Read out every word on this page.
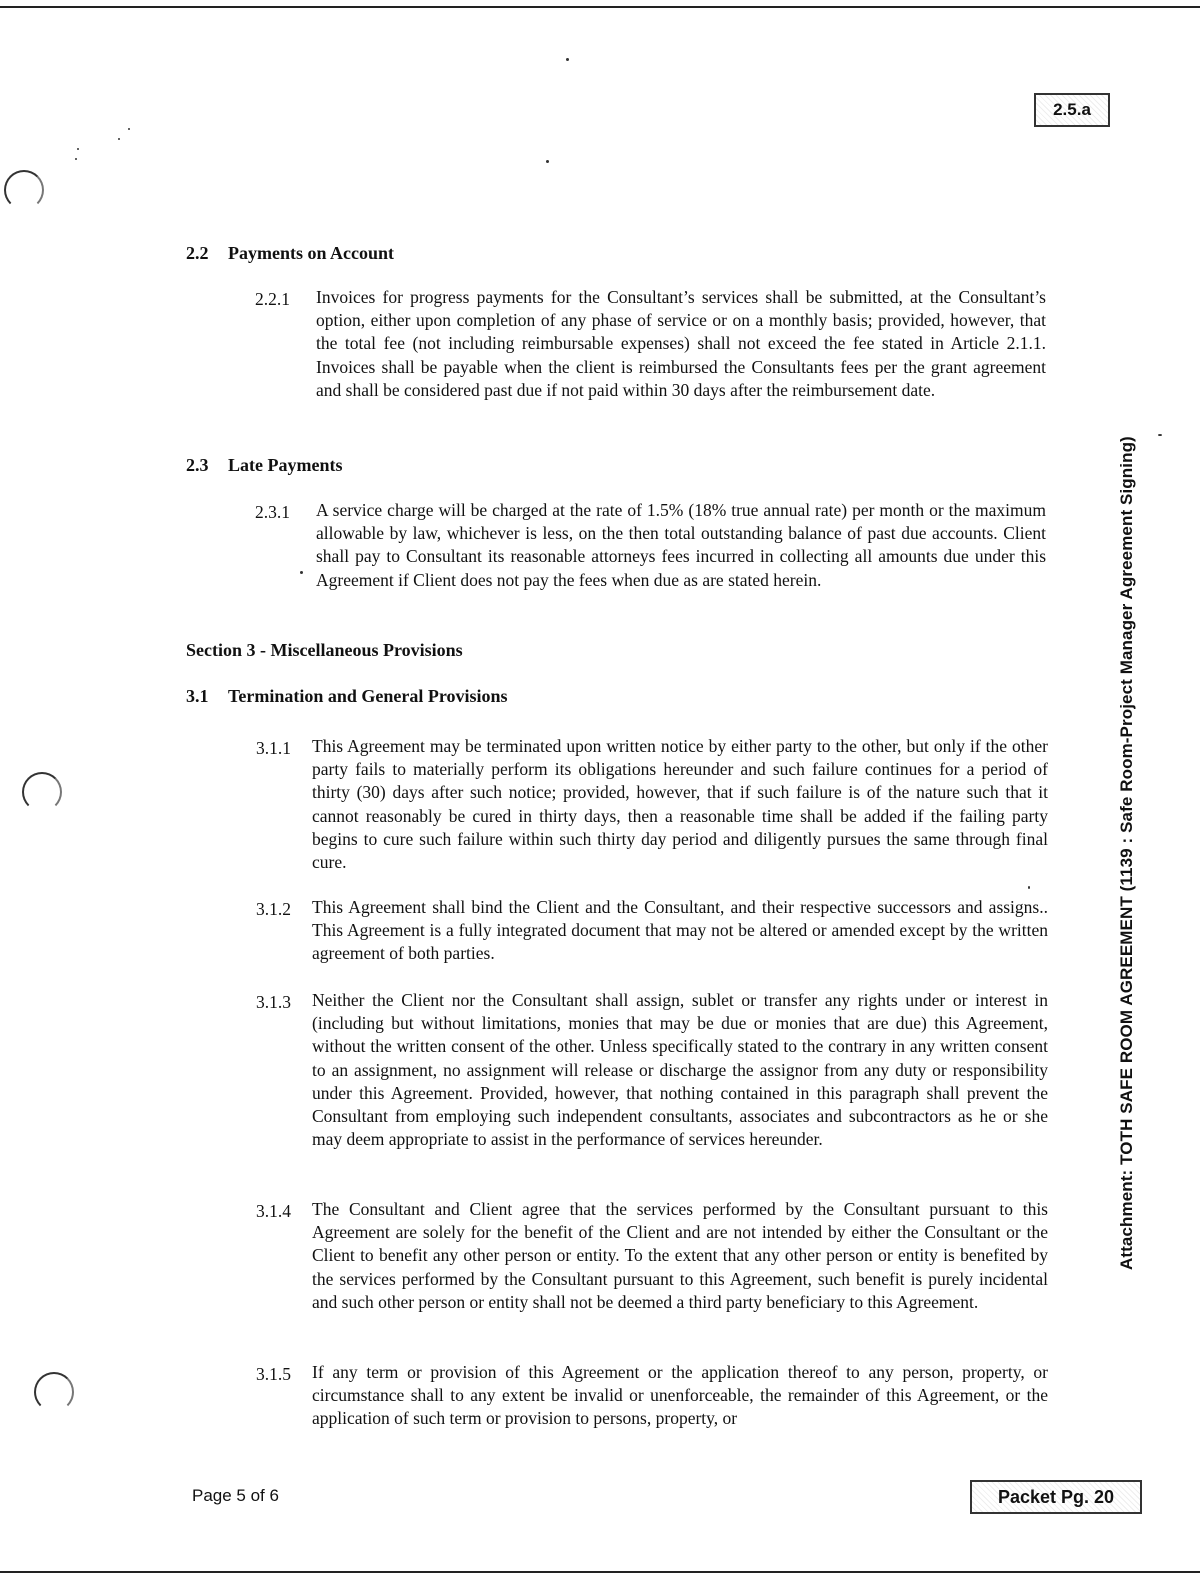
2.5.a
Attachment: TOTH SAFE ROOM AGREEMENT (1139 : Safe Room-Project Manager Agreement Signing)
2.2 Payments on Account
2.2.1 Invoices for progress payments for the Consultant’s services shall be submitted, at the Consultant’s option, either upon completion of any phase of service or on a monthly basis; provided, however, that the total fee (not including reimbursable expenses) shall not exceed the fee stated in Article 2.1.1. Invoices shall be payable when the client is reimbursed the Consultants fees per the grant agreement and shall be considered past due if not paid within 30 days after the reimbursement date.
2.3 Late Payments
2.3.1 A service charge will be charged at the rate of 1.5% (18% true annual rate) per month or the maximum allowable by law, whichever is less, on the then total outstanding balance of past due accounts. Client shall pay to Consultant its reasonable attorneys fees incurred in collecting all amounts due under this Agreement if Client does not pay the fees when due as are stated herein.
Section 3 - Miscellaneous Provisions
3.1 Termination and General Provisions
3.1.1 This Agreement may be terminated upon written notice by either party to the other, but only if the other party fails to materially perform its obligations hereunder and such failure continues for a period of thirty (30) days after such notice; provided, however, that if such failure is of the nature such that it cannot reasonably be cured in thirty days, then a reasonable time shall be added if the failing party begins to cure such failure within such thirty day period and diligently pursues the same through final cure.
3.1.2 This Agreement shall bind the Client and the Consultant, and their respective successors and assigns.. This Agreement is a fully integrated document that may not be altered or amended except by the written agreement of both parties.
3.1.3 Neither the Client nor the Consultant shall assign, sublet or transfer any rights under or interest in (including but without limitations, monies that may be due or monies that are due) this Agreement, without the written consent of the other. Unless specifically stated to the contrary in any written consent to an assignment, no assignment will release or discharge the assignor from any duty or responsibility under this Agreement. Provided, however, that nothing contained in this paragraph shall prevent the Consultant from employing such independent consultants, associates and subcontractors as he or she may deem appropriate to assist in the performance of services hereunder.
3.1.4 The Consultant and Client agree that the services performed by the Consultant pursuant to this Agreement are solely for the benefit of the Client and are not intended by either the Consultant or the Client to benefit any other person or entity. To the extent that any other person or entity is benefited by the services performed by the Consultant pursuant to this Agreement, such benefit is purely incidental and such other person or entity shall not be deemed a third party beneficiary to this Agreement.
3.1.5 If any term or provision of this Agreement or the application thereof to any person, property, or circumstance shall to any extent be invalid or unenforceable, the remainder of this Agreement, or the application of such term or provision to persons, property, or
Page 5 of 6	Packet Pg. 20
